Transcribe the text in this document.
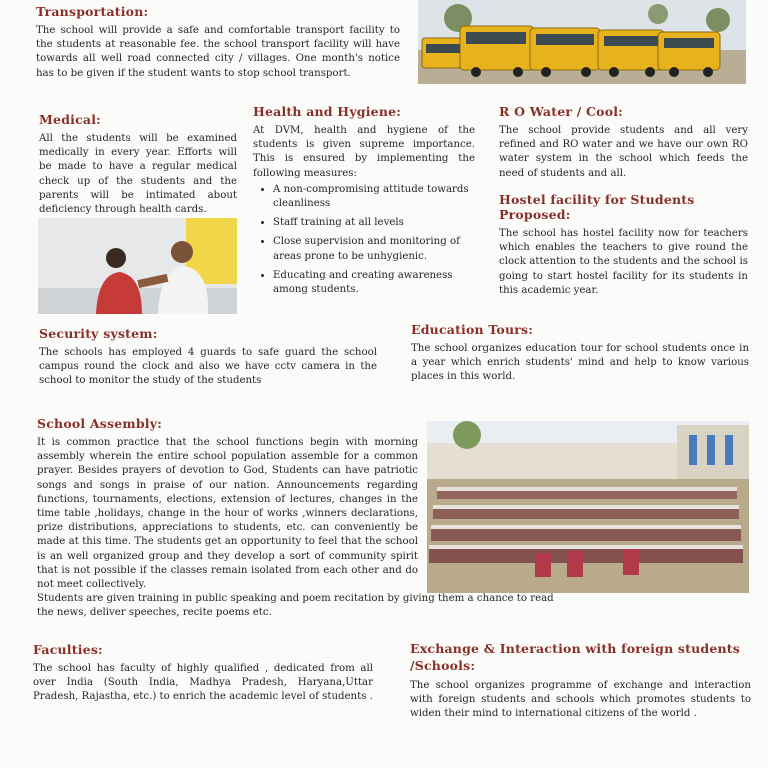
Transportation:

The school will provide a safe and comfortable transport facility to the students at reasonable fee. the school transport facility will have towards all well road connected city / villages. One month's notice has to be given if the student wants to stop school transport.

Medical:

All the students will be examined medically in every year. Efforts will be made to have a regular medical check up of the students and the parents will be intimated about deficiency through health cards.

Health and Hygiene:

At DVM, health and hygiene of the students is given supreme importance. This is ensured by implementing the following measures:

• A non-compromising attitude towards cleanliness
• Staff training at all levels
• Close supervision and monitoring of areas prone to be unhygienic.
• Educating and creating awareness among students.
R O Water / Cool:

The school provide students and all very refined and RO water and we have our own RO water system in the school which feeds the need of students and all.

Hostel facility for Students Proposed:

The school has hostel facility now for teachers which enables the teachers to give round the clock attention to the students and the school is going to start hostel facility for its students in this academic year.

Security system:

The schools has employed 4 guards to safe guard the school campus round the clock and also we have cctv camera in the school to monitor the study of the students

Education Tours:

The school organizes education tour for school students once in a year which enrich students' mind and help to know various places in this world.

School Assembly:

It is common practice that the school functions begin with morning assembly wherein the entire school population assemble for a common prayer. Besides prayers of devotion to God, Students can have patriotic songs and songs in praise of our nation. Announcements regarding functions, tournaments, elections, extension of lectures, changes in the time table ,holidays, change in the hour of works ,winners declarations, prize distributions, appreciations to students, etc. can conveniently be made at this time. The students get an opportunity to feel that the school is an well organized group and they develop a sort of community spirit that is not possible if the classes remain isolated from each other and do not meet collectively.

Students are given training in public speaking and poem recitation by giving them a chance to read the news, deliver speeches, recite poems etc.

Faculties:

The school has faculty of highly qualified , dedicated from all over India (South India, Madhya Pradesh, Haryana,Uttar Pradesh, Rajastha, etc.) to enrich the academic level of students .

Exchange & Interaction with foreign students /Schools:

The school organizes programme of exchange and interaction with foreign students and schools which promotes students to widen their mind to international citizens of the world .
